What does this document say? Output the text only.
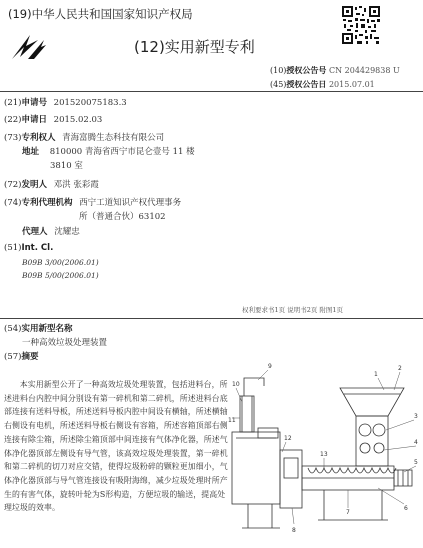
(19)中华人民共和国国家知识产权局
(12)实用新型专利
(10)授权公告号 CN 204429838 U
(45)授权公告日 2015.07.01
(21)申请号 201520075183.3
(22)申请日 2015.02.03
(73)专利权人 青海富腾生态科技有限公司
地址 810000 青海省西宁市昆仑壹号 11 楼
3810 室
(72)发明人 邓洪 张彩霞
(74)专利代理机构 西宁工道知识产权代理事务
所（普通合伙）63102
代理人 沈耀忠
(51)Int. Cl.
B09B 3/00(2006.01)
B09B 5/00(2006.01)
权利要求书1页 说明书2页 附图1页
(54)实用新型名称
一种高效垃圾处理装置
(57)摘要
本实用新型公开了一种高效垃圾处理装置，包括进料台，所述进料台内腔中间分别设有第一碎机和第二碎机，所述进料台底部连接有送料导板，所述送料导板内腔中间设有横轴，所述横轴右侧设有电机，所述送料导板右侧设有容箱，所述容箱顶部右侧连接有除尘箱，所述除尘箱顶部中间连接有气体净化器，所述气体净化器顶部左侧设有导气管，该高效垃圾处理装置，第一碎机和第二碎机的切刀对应交错，使得垃圾粉碎的颗粒更加细小，气体净化器顶部与导气管连接设有吸附海绵，减少垃圾处理时所产生的有害气体，旋转叶轮为S形构造，方便垃圾的输送，提高处理垃圾的效率。
1
2
3
4
5
6
7
8
9
10
11
12
13
